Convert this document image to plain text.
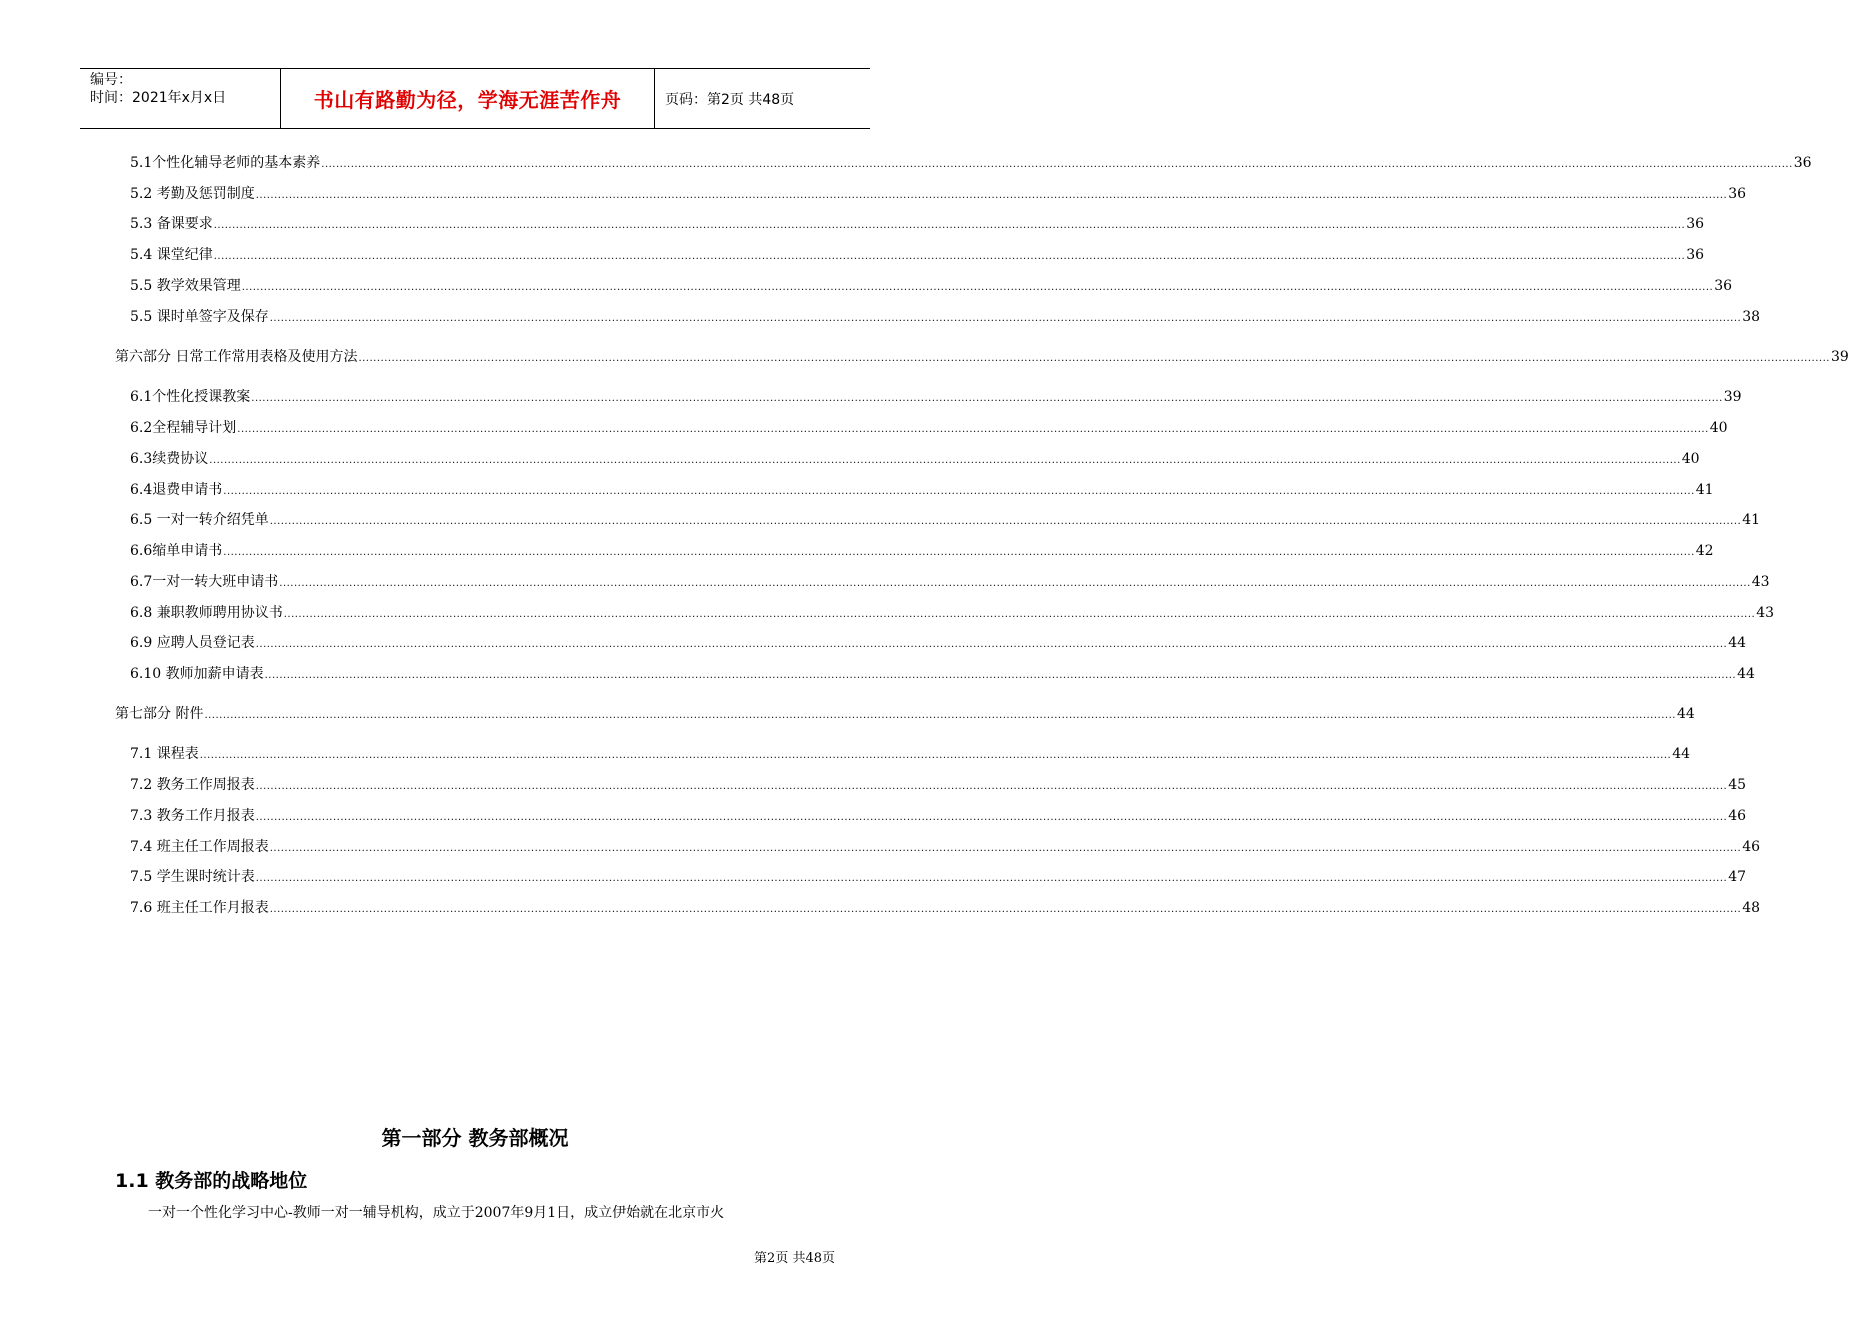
编号：
时间：2021年x月x日	书山有路勤为径，学海无涯苦作舟	页码：第2页 共48页
5.1个性化辅导老师的基本素养 ................................................................................................................................................................................................................................................................................................................................................................................................................ 36
5.2 考勤及惩罚制度 ................................................................................................................................................................................................................................................................................................................................................................................................................ 36
5.3 备课要求 ................................................................................................................................................................................................................................................................................................................................................................................................................ 36
5.4 课堂纪律 ................................................................................................................................................................................................................................................................................................................................................................................................................ 36
5.5 教学效果管理 ................................................................................................................................................................................................................................................................................................................................................................................................................ 36
5.5 课时单签字及保存 ................................................................................................................................................................................................................................................................................................................................................................................................................ 38
第六部分 日常工作常用表格及使用方法 ................................................................................................................................................................................................................................................................................................................................................................................................................ 39
6.1个性化授课教案 ................................................................................................................................................................................................................................................................................................................................................................................................................ 39
6.2全程辅导计划 ................................................................................................................................................................................................................................................................................................................................................................................................................ 40
6.3续费协议 ................................................................................................................................................................................................................................................................................................................................................................................................................ 40
6.4退费申请书 ................................................................................................................................................................................................................................................................................................................................................................................................................ 41
6.5 一对一转介绍凭单 ................................................................................................................................................................................................................................................................................................................................................................................................................ 41
6.6缩单申请书 ................................................................................................................................................................................................................................................................................................................................................................................................................ 42
6.7一对一转大班申请书 ................................................................................................................................................................................................................................................................................................................................................................................................................ 43
6.8 兼职教师聘用协议书 ................................................................................................................................................................................................................................................................................................................................................................................................................ 43
6.9 应聘人员登记表 ................................................................................................................................................................................................................................................................................................................................................................................................................ 44
6.10 教师加薪申请表 ................................................................................................................................................................................................................................................................................................................................................................................................................ 44
第七部分 附件 ................................................................................................................................................................................................................................................................................................................................................................................................................ 44
7.1 课程表 ................................................................................................................................................................................................................................................................................................................................................................................................................ 44
7.2 教务工作周报表 ................................................................................................................................................................................................................................................................................................................................................................................................................ 45
7.3 教务工作月报表 ................................................................................................................................................................................................................................................................................................................................................................................................................ 46
7.4 班主任工作周报表 ................................................................................................................................................................................................................................................................................................................................................................................................................ 46
7.5 学生课时统计表 ................................................................................................................................................................................................................................................................................................................................................................................................................ 47
7.6 班主任工作月报表 ................................................................................................................................................................................................................................................................................................................................................................................................................ 48
第一部分 教务部概况
1.1 教务部的战略地位
一对一个性化学习中心-教师一对一辅导机构，成立于2007年9月1日，成立伊始就在北京市火
第2页 共48页
